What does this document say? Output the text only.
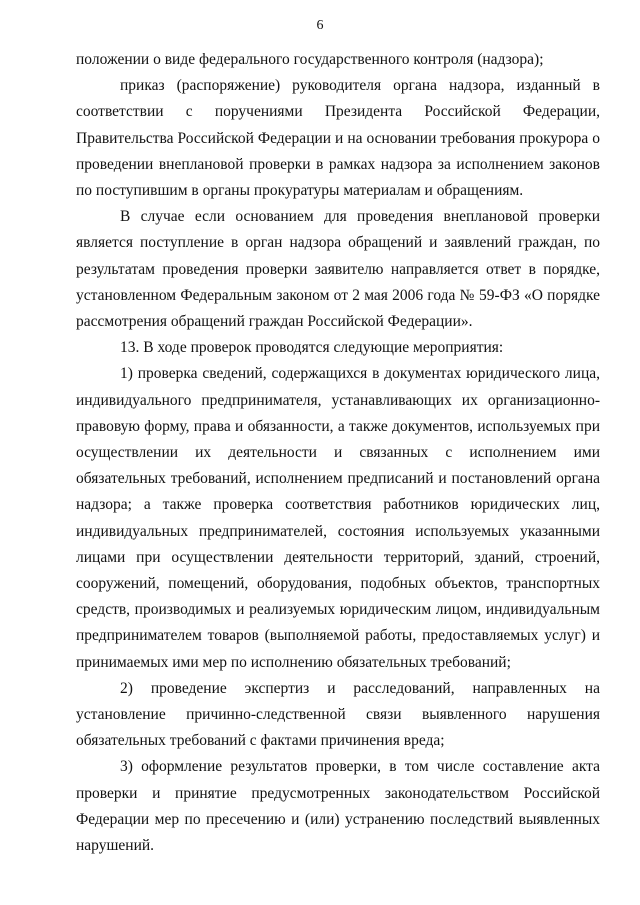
6

положении о виде федерального государственного контроля (надзора);

приказ (распоряжение) руководителя органа надзора, изданный в соответствии с поручениями Президента Российской Федерации, Правительства Российской Федерации и на основании требования прокурора о проведении внеплановой проверки в рамках надзора за исполнением законов по поступившим в органы прокуратуры материалам и обращениям.

В случае если основанием для проведения внеплановой проверки является поступление в орган надзора обращений и заявлений граждан, по результатам проведения проверки заявителю направляется ответ в порядке, установленном Федеральным законом от 2 мая 2006 года № 59-ФЗ «О порядке рассмотрения обращений граждан Российской Федерации».

13. В ходе проверок проводятся следующие мероприятия:

1) проверка сведений, содержащихся в документах юридического лица, индивидуального предпринимателя, устанавливающих их организационно-правовую форму, права и обязанности, а также документов, используемых при осуществлении их деятельности и связанных с исполнением ими обязательных требований, исполнением предписаний и постановлений органа надзора; а также проверка соответствия работников юридических лиц, индивидуальных предпринимателей, состояния используемых указанными лицами при осуществлении деятельности территорий, зданий, строений, сооружений, помещений, оборудования, подобных объектов, транспортных средств, производимых и реализуемых юридическим лицом, индивидуальным предпринимателем товаров (выполняемой работы, предоставляемых услуг) и принимаемых ими мер по исполнению обязательных требований;

2) проведение экспертиз и расследований, направленных на установление причинно-следственной связи выявленного нарушения обязательных требований с фактами причинения вреда;

3) оформление результатов проверки, в том числе составление акта проверки и принятие предусмотренных законодательством Российской Федерации мер по пресечению и (или) устранению последствий выявленных нарушений.
